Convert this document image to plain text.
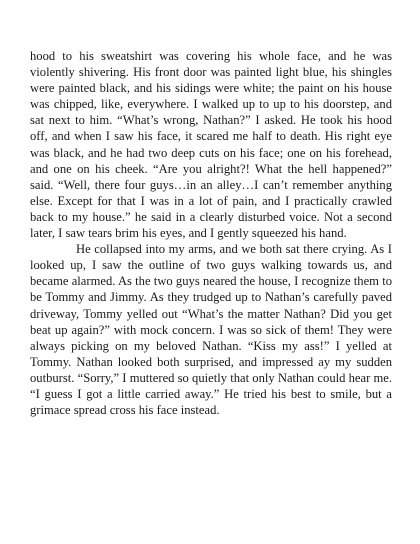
hood to his sweatshirt was covering his whole face, and he was violently shivering. His front door was painted light blue, his shingles were painted black, and his sidings were white; the paint on his house was chipped, like, everywhere. I walked up to up to his doorstep, and sat next to him. “What’s wrong, Nathan?” I asked. He took his hood off, and when I saw his face, it scared me half to death. His right eye was black, and he had two deep cuts on his face; one on his forehead, and one on his cheek. “Are you alright?! What the hell happened?” said. “Well, there four guys…in an alley…I can’t remember anything else. Except for that I was in a lot of pain, and I practically crawled back to my house.” he said in a clearly disturbed voice. Not a second later, I saw tears brim his eyes, and I gently squeezed his hand.

He collapsed into my arms, and we both sat there crying. As I looked up, I saw the outline of two guys walking towards us, and became alarmed. As the two guys neared the house, I recognize them to be Tommy and Jimmy. As they trudged up to Nathan’s carefully paved driveway, Tommy yelled out “What’s the matter Nathan? Did you get beat up again?” with mock concern. I was so sick of them! They were always picking on my beloved Nathan. “Kiss my ass!” I yelled at Tommy. Nathan looked both surprised, and impressed ay my sudden outburst. “Sorry,” I muttered so quietly that only Nathan could hear me. “I guess I got a little carried away.” He tried his best to smile, but a grimace spread cross his face instead.
